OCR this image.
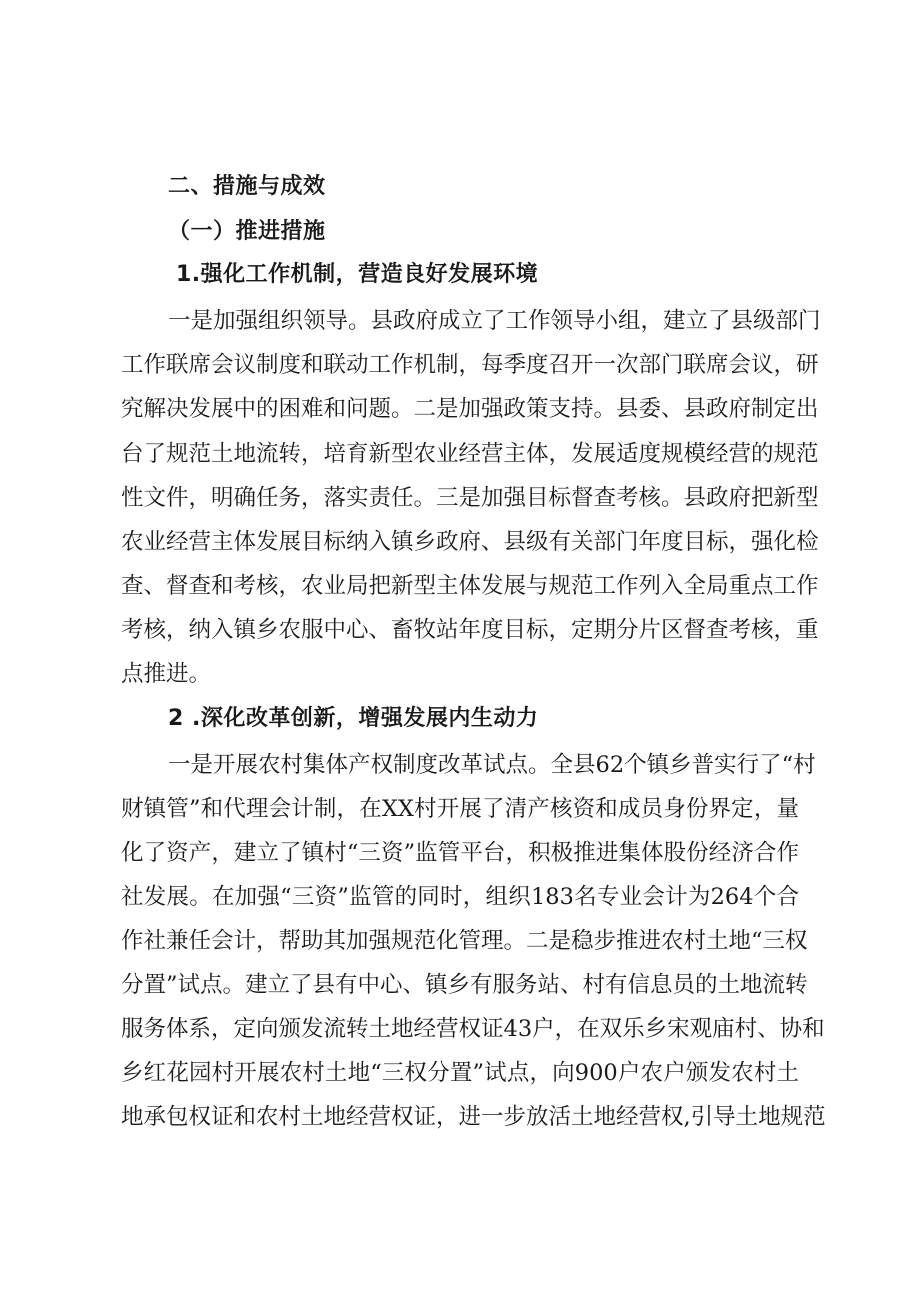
二、措施与成效
（一）推进措施
1.强化工作机制，营造良好发展环境
一是加强组织领导。县政府成立了工作领导小组，建立了县级部门
工作联席会议制度和联动工作机制，每季度召开一次部门联席会议，研
究解决发展中的困难和问题。二是加强政策支持。县委、县政府制定出
台了规范土地流转，培育新型农业经营主体，发展适度规模经营的规范
性文件，明确任务，落实责任。三是加强目标督查考核。县政府把新型
农业经营主体发展目标纳入镇乡政府、县级有关部门年度目标，强化检
查、督查和考核，农业局把新型主体发展与规范工作列入全局重点工作
考核，纳入镇乡农服中心、畜牧站年度目标，定期分片区督查考核，重
点推进。
2 .深化改革创新，增强发展内生动力
一是开展农村集体产权制度改革试点。全县62个镇乡普实行了“村
财镇管”和代理会计制，在XX村开展了清产核资和成员身份界定，量
化了资产，建立了镇村“三资”监管平台，积极推进集体股份经济合作
社发展。在加强“三资”监管的同时，组织183名专业会计为264个合
作社兼任会计，帮助其加强规范化管理。二是稳步推进农村土地“三权
分置”试点。建立了县有中心、镇乡有服务站、村有信息员的土地流转
服务体系，定向颁发流转土地经营权证43户，在双乐乡宋观庙村、协和
乡红花园村开展农村土地“三权分置”试点，向900户农户颁发农村土
地承包权证和农村土地经营权证，进一步放活土地经营权,引导土地规范
